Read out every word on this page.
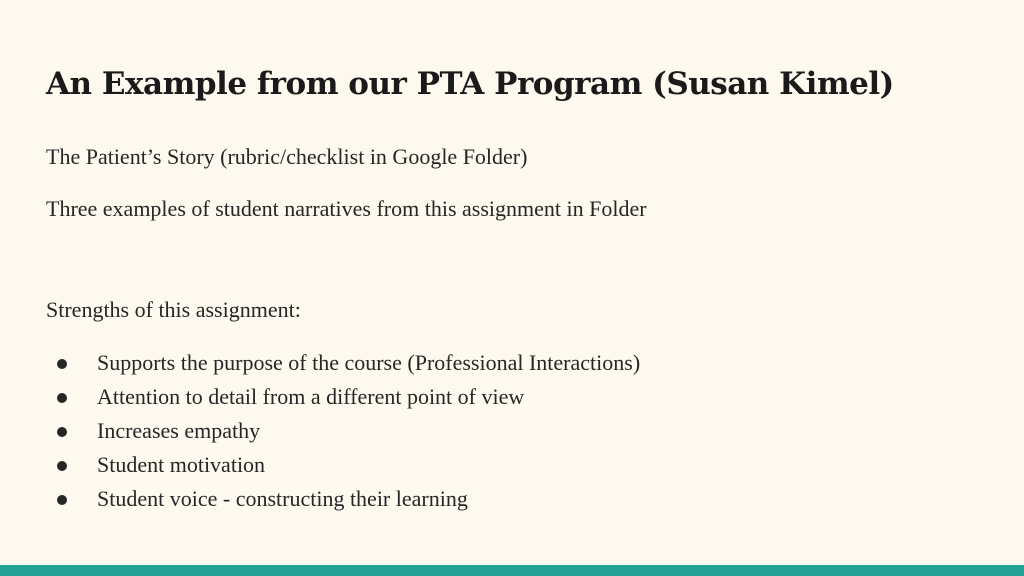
An Example from our PTA Program (Susan Kimel)

The Patient’s Story (rubric/checklist in Google Folder)

Three examples of student narratives from this assignment in Folder

Strengths of this assignment:

Supports the purpose of the course (Professional Interactions)
Attention to detail from a different point of view
Increases empathy
Student motivation
Student voice - constructing their learning
